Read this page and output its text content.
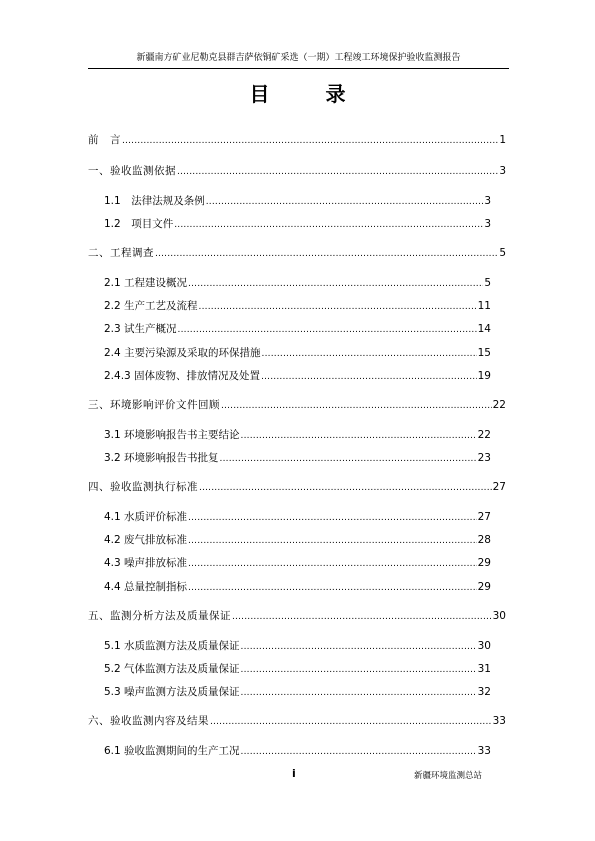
新疆南方矿业尼勒克县群吉萨依铜矿采选（一期）工程竣工环境保护验收监测报告
目　录
前　言 .....	1
一、验收监测依据 .....	3
1.1　法律法规及条例 .....	3
1.2　项目文件 .....	3
二、工程调查 .....	5
2.1 工程建设概况 .....	5
2.2 生产工艺及流程 .....	11
2.3 试生产概况 .....	14
2.4 主要污染源及采取的环保措施 .....	15
2.4.3 固体废物、排放情况及处置 .....	19
三、环境影响评价文件回顾 .....	22
3.1 环境影响报告书主要结论 .....	22
3.2 环境影响报告书批复 .....	23
四、验收监测执行标准 .....	27
4.1 水质评价标准 .....	27
4.2 废气排放标准 .....	28
4.3 噪声排放标准 .....	29
4.4 总量控制指标 .....	29
五、监测分析方法及质量保证 .....	30
5.1 水质监测方法及质量保证 .....	30
5.2 气体监测方法及质量保证 .....	31
5.3 噪声监测方法及质量保证 .....	32
六、验收监测内容及结果 .....	33
6.1 验收监测期间的生产工况 .....	33
i	新疆环境监测总站
